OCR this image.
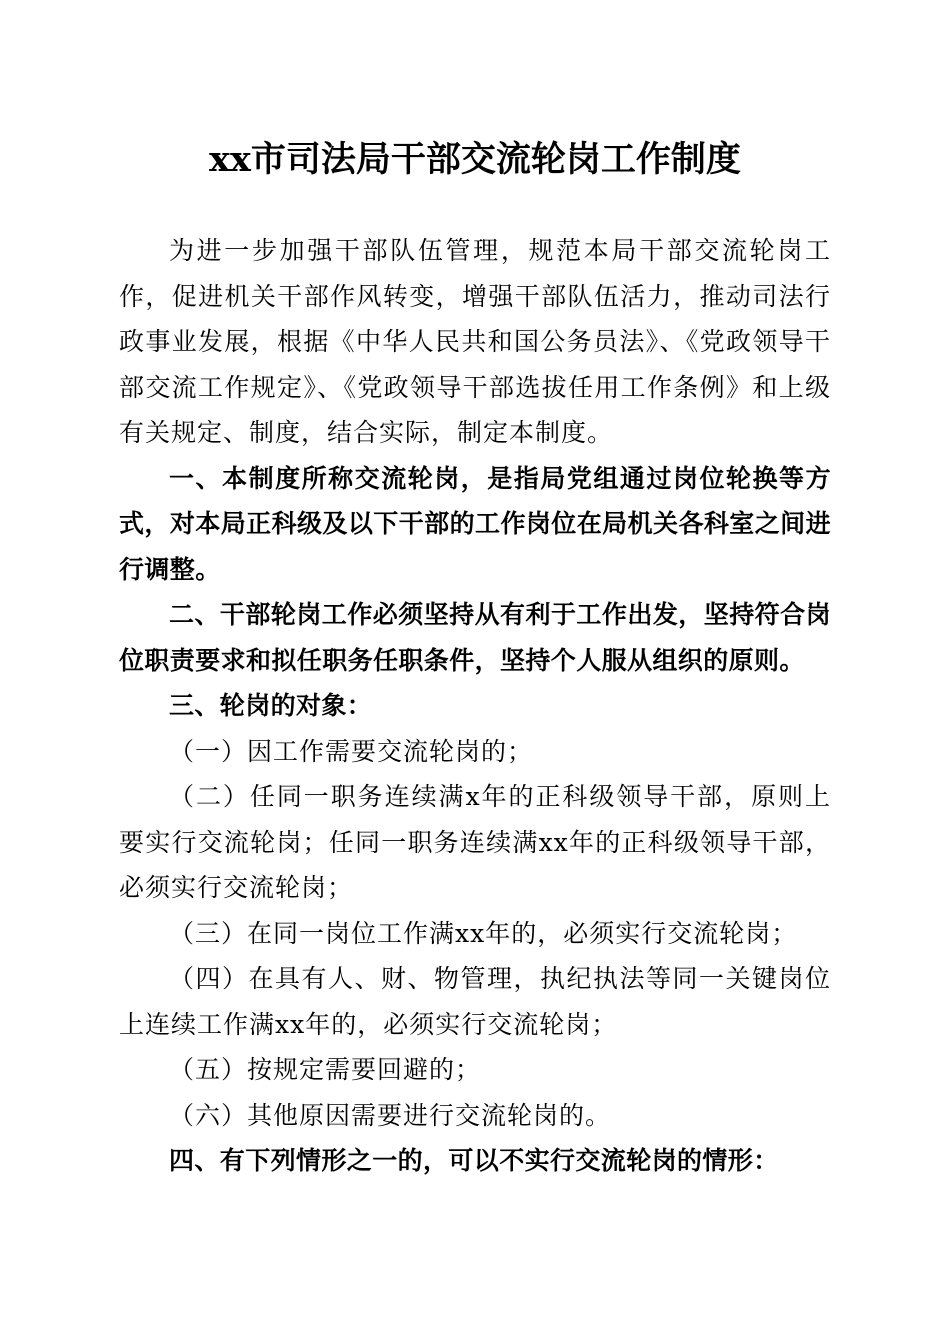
xx市司法局干部交流轮岗工作制度

为进一步加强干部队伍管理，规范本局干部交流轮岗工作，促进机关干部作风转变，增强干部队伍活力，推动司法行政事业发展，根据《中华人民共和国公务员法》、《党政领导干部交流工作规定》、《党政领导干部选拔任用工作条例》和上级有关规定、制度，结合实际，制定本制度。

一、本制度所称交流轮岗，是指局党组通过岗位轮换等方式，对本局正科级及以下干部的工作岗位在局机关各科室之间进行调整。

二、干部轮岗工作必须坚持从有利于工作出发，坚持符合岗位职责要求和拟任职务任职条件，坚持个人服从组织的原则。

三、轮岗的对象：

（一）因工作需要交流轮岗的；

（二）任同一职务连续满x年的正科级领导干部，原则上要实行交流轮岗；任同一职务连续满xx年的正科级领导干部，必须实行交流轮岗；

（三）在同一岗位工作满xx年的，必须实行交流轮岗；

（四）在具有人、财、物管理，执纪执法等同一关键岗位上连续工作满xx年的，必须实行交流轮岗；

（五）按规定需要回避的；

（六）其他原因需要进行交流轮岗的。

四、有下列情形之一的，可以不实行交流轮岗的情形：
